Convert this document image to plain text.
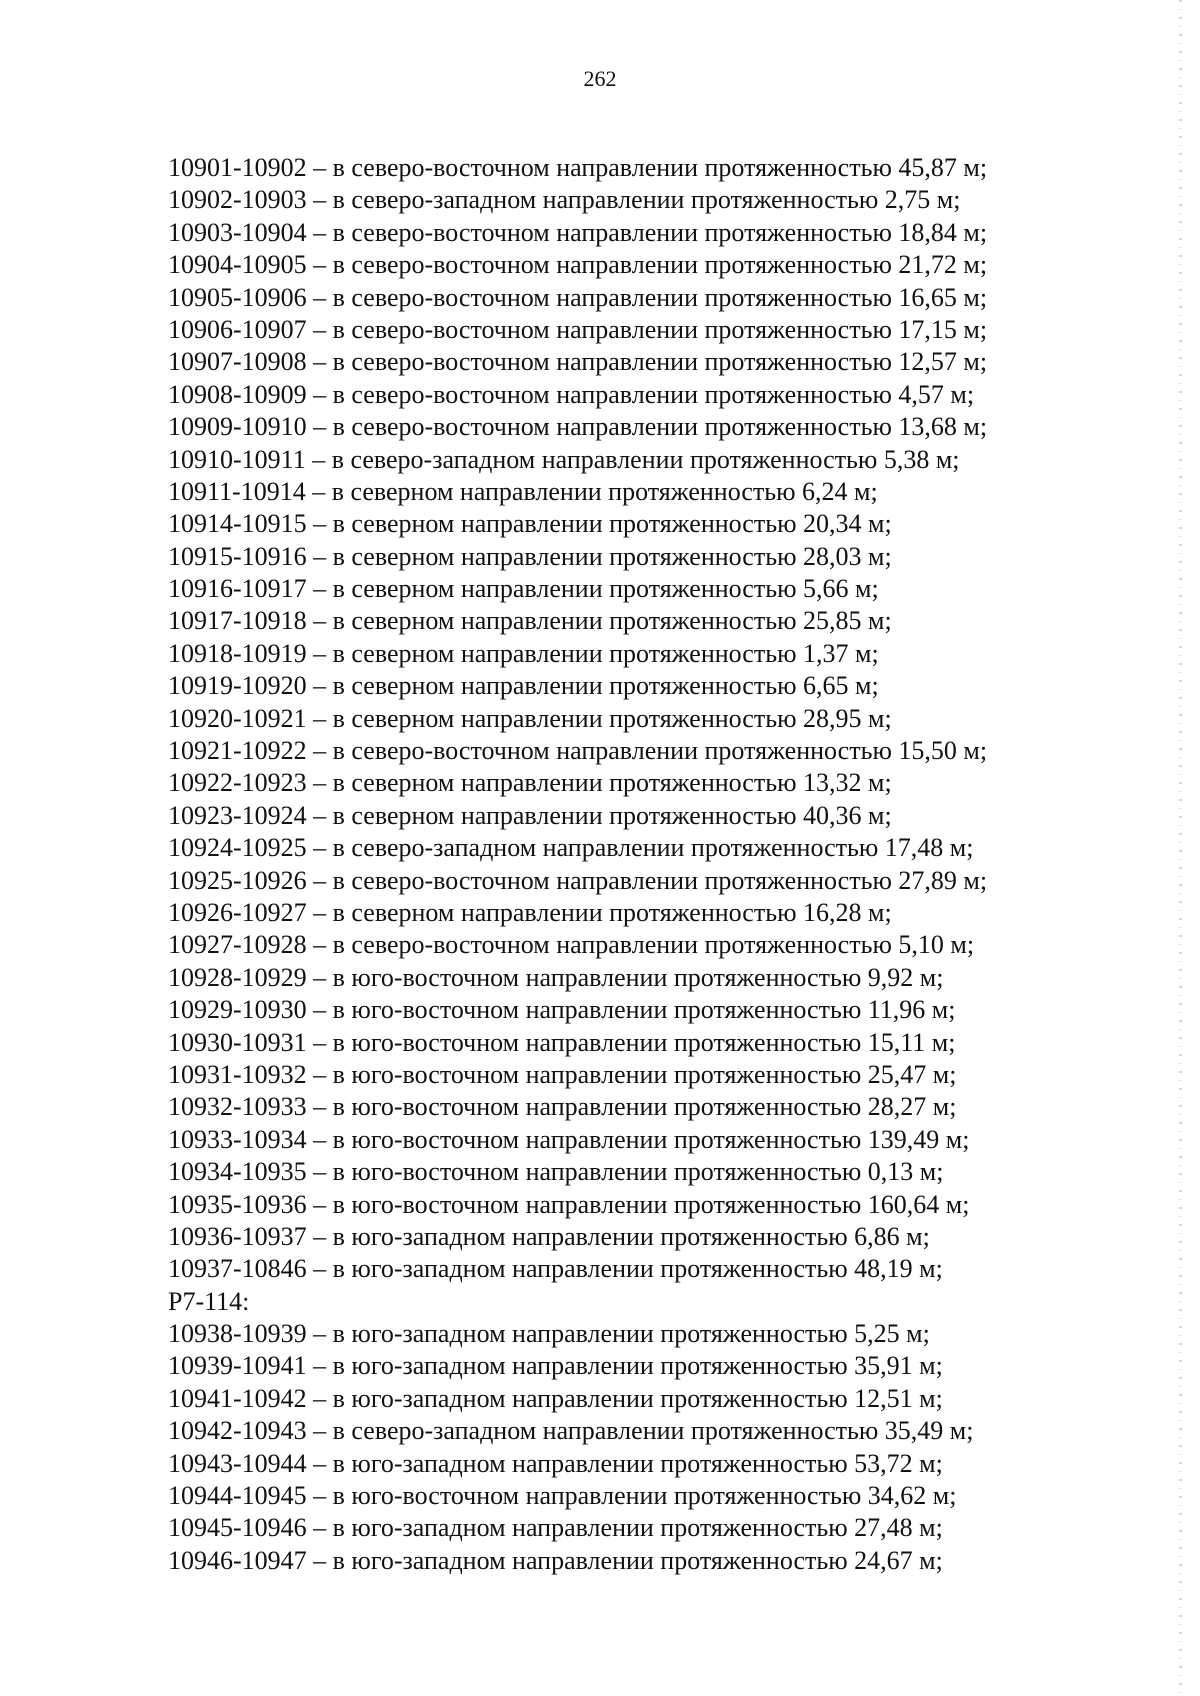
262
10901-10902 – в северо-восточном направлении протяженностью 45,87 м;
10902-10903 – в северо-западном направлении протяженностью 2,75 м;
10903-10904 – в северо-восточном направлении протяженностью 18,84 м;
10904-10905 – в северо-восточном направлении протяженностью 21,72 м;
10905-10906 – в северо-восточном направлении протяженностью 16,65 м;
10906-10907 – в северо-восточном направлении протяженностью 17,15 м;
10907-10908 – в северо-восточном направлении протяженностью 12,57 м;
10908-10909 – в северо-восточном направлении протяженностью 4,57 м;
10909-10910 – в северо-восточном направлении протяженностью 13,68 м;
10910-10911 – в северо-западном направлении протяженностью 5,38 м;
10911-10914 – в северном направлении протяженностью 6,24 м;
10914-10915 – в северном направлении протяженностью 20,34 м;
10915-10916 – в северном направлении протяженностью 28,03 м;
10916-10917 – в северном направлении протяженностью 5,66 м;
10917-10918 – в северном направлении протяженностью 25,85 м;
10918-10919 – в северном направлении протяженностью 1,37 м;
10919-10920 – в северном направлении протяженностью 6,65 м;
10920-10921 – в северном направлении протяженностью 28,95 м;
10921-10922 – в северо-восточном направлении протяженностью 15,50 м;
10922-10923 – в северном направлении протяженностью 13,32 м;
10923-10924 – в северном направлении протяженностью 40,36 м;
10924-10925 – в северо-западном направлении протяженностью 17,48 м;
10925-10926 – в северо-восточном направлении протяженностью 27,89 м;
10926-10927 – в северном направлении протяженностью 16,28 м;
10927-10928 – в северо-восточном направлении протяженностью 5,10 м;
10928-10929 – в юго-восточном направлении протяженностью 9,92 м;
10929-10930 – в юго-восточном направлении протяженностью 11,96 м;
10930-10931 – в юго-восточном направлении протяженностью 15,11 м;
10931-10932 – в юго-восточном направлении протяженностью 25,47 м;
10932-10933 – в юго-восточном направлении протяженностью 28,27 м;
10933-10934 – в юго-восточном направлении протяженностью 139,49 м;
10934-10935 – в юго-восточном направлении протяженностью 0,13 м;
10935-10936 – в юго-восточном направлении протяженностью 160,64 м;
10936-10937 – в юго-западном направлении протяженностью 6,86 м;
10937-10846 – в юго-западном направлении протяженностью 48,19 м;
Р7-114:
10938-10939 – в юго-западном направлении протяженностью 5,25 м;
10939-10941 – в юго-западном направлении протяженностью 35,91 м;
10941-10942 – в юго-западном направлении протяженностью 12,51 м;
10942-10943 – в северо-западном направлении протяженностью 35,49 м;
10943-10944 – в юго-западном направлении протяженностью 53,72 м;
10944-10945 – в юго-восточном направлении протяженностью 34,62 м;
10945-10946 – в юго-западном направлении протяженностью 27,48 м;
10946-10947 – в юго-западном направлении протяженностью 24,67 м;
